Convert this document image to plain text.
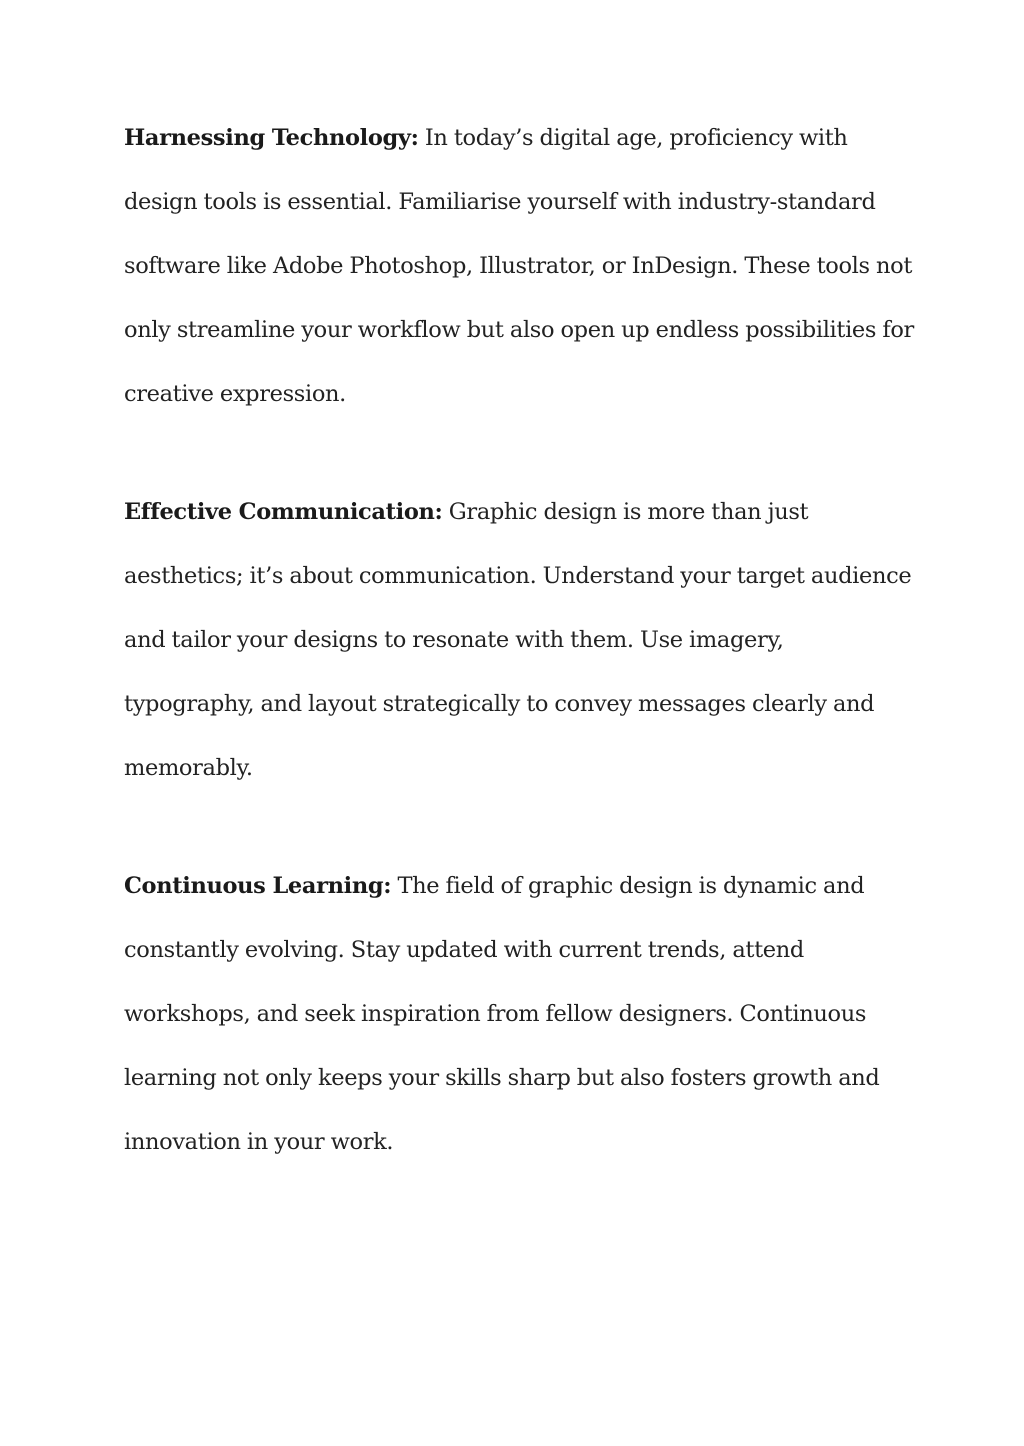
Harnessing Technology: In today’s digital age, proficiency with design tools is essential. Familiarise yourself with industry-standard software like Adobe Photoshop, Illustrator, or InDesign. These tools not only streamline your workflow but also open up endless possibilities for creative expression.

Effective Communication: Graphic design is more than just aesthetics; it’s about communication. Understand your target audience and tailor your designs to resonate with them. Use imagery, typography, and layout strategically to convey messages clearly and memorably.

Continuous Learning: The field of graphic design is dynamic and constantly evolving. Stay updated with current trends, attend workshops, and seek inspiration from fellow designers. Continuous learning not only keeps your skills sharp but also fosters growth and innovation in your work.
